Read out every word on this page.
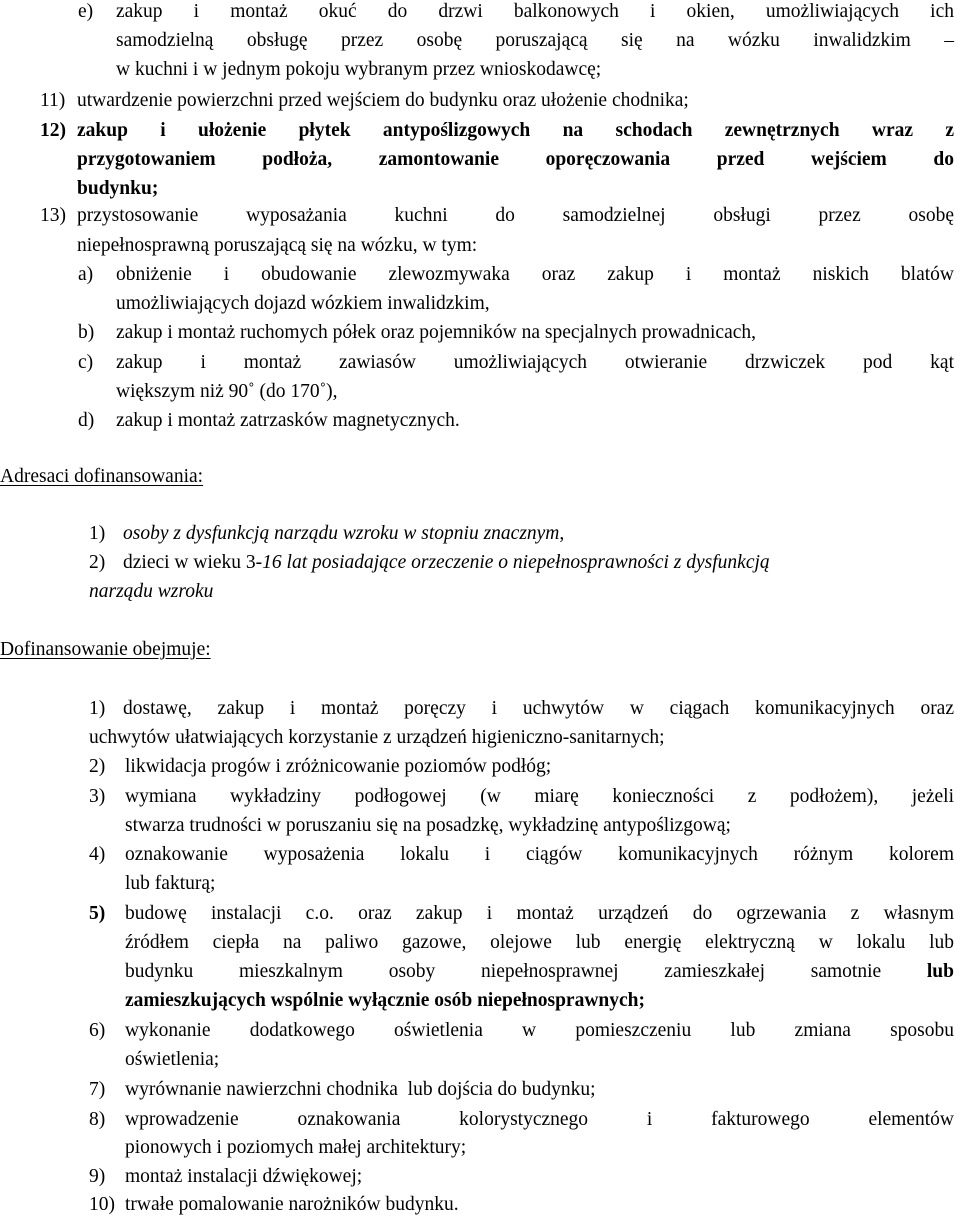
e) zakup i montaż okuć do drzwi balkonowych i okien, umożliwiających ich
samodzielną obsługę przez osobę poruszającą się na wózku inwalidzkim –
w kuchni i w jednym pokoju wybranym przez wnioskodawcę;
11) utwardzenie powierzchni przed wejściem do budynku oraz ułożenie chodnika;
12) zakup i ułożenie płytek antypoślizgowych na schodach zewnętrznych wraz z
przygotowaniem podłoża, zamontowanie oporęczowania przed wejściem do
budynku;
13) przystosowanie wyposażania kuchni do samodzielnej obsługi przez osobę
niepełnosprawną poruszającą się na wózku, w tym:
a) obniżenie i obudowanie zlewozmywaka oraz zakup i montaż niskich blatów
umożliwiających dojazd wózkiem inwalidzkim,
b) zakup i montaż ruchomych półek oraz pojemników na specjalnych prowadnicach,
c) zakup i montaż zawiasów umożliwiających otwieranie drzwiczek pod kąt
większym niż 90˚ (do 170˚),
d) zakup i montaż zatrzasków magnetycznych.
Adresaci dofinansowania:
1) osoby z dysfunkcją narządu wzroku w stopniu znacznym,
2) dzieci w wieku 3-16 lat posiadające orzeczenie o niepełnosprawności z dysfunkcją
narządu wzroku
Dofinansowanie obejmuje:
1) dostawę, zakup i montaż poręczy i uchwytów w ciągach komunikacyjnych oraz
uchwytów ułatwiających korzystanie z urządzeń higieniczno-sanitarnych;
2) likwidacja progów i zróżnicowanie poziomów podłóg;
3) wymiana wykładziny podłogowej (w miarę konieczności z podłożem), jeżeli
stwarza trudności w poruszaniu się na posadzkę, wykładzinę antypoślizgową;
4) oznakowanie wyposażenia lokalu i ciągów komunikacyjnych różnym kolorem
lub fakturą;
5) budowę instalacji c.o. oraz zakup i montaż urządzeń do ogrzewania z własnym
źródłem ciepła na paliwo gazowe, olejowe lub energię elektryczną w lokalu lub
budynku mieszkalnym osoby niepełnosprawnej zamieszkałej samotnie lub
zamieszkujących wspólnie wyłącznie osób niepełnosprawnych;
6) wykonanie dodatkowego oświetlenia w pomieszczeniu lub zmiana sposobu
oświetlenia;
7) wyrównanie nawierzchni chodnika  lub dojścia do budynku;
8) wprowadzenie oznakowania kolorystycznego i fakturowego elementów
pionowych i poziomych małej architektury;
9) montaż instalacji dźwiękowej;
10) trwałe pomalowanie narożników budynku.
